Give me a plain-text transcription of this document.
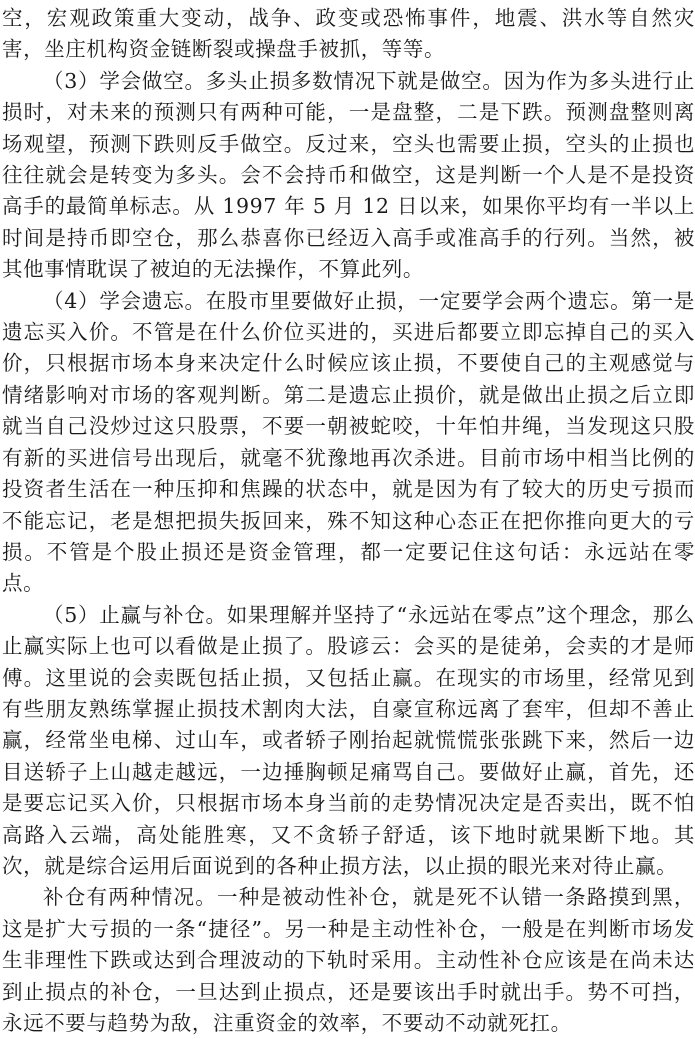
空，宏观政策重大变动，战争、政变或恐怖事件，地震、洪水等自然灾害，坐庄机构资金链断裂或操盘手被抓，等等。

（3）学会做空。多头止损多数情况下就是做空。因为作为多头进行止损时，对未来的预测只有两种可能，一是盘整，二是下跌。预测盘整则离场观望，预测下跌则反手做空。反过来，空头也需要止损，空头的止损也往往就会是转变为多头。会不会持币和做空，这是判断一个人是不是投资高手的最简单标志。从 1997 年 5 月 12 日以来，如果你平均有一半以上时间是持币即空仓，那么恭喜你已经迈入高手或准高手的行列。当然，被其他事情耽误了被迫的无法操作，不算此列。

（4）学会遗忘。在股市里要做好止损，一定要学会两个遗忘。第一是遗忘买入价。不管是在什么价位买进的，买进后都要立即忘掉自己的买入价，只根据市场本身来决定什么时候应该止损，不要使自己的主观感觉与情绪影响对市场的客观判断。第二是遗忘止损价，就是做出止损之后立即就当自己没炒过这只股票，不要一朝被蛇咬，十年怕井绳，当发现这只股有新的买进信号出现后，就毫不犹豫地再次杀进。目前市场中相当比例的投资者生活在一种压抑和焦躁的状态中，就是因为有了较大的历史亏损而不能忘记，老是想把损失扳回来，殊不知这种心态正在把你推向更大的亏损。不管是个股止损还是资金管理，都一定要记住这句话：永远站在零点。

（5）止赢与补仓。如果理解并坚持了“永远站在零点”这个理念，那么止赢实际上也可以看做是止损了。股谚云：会买的是徒弟，会卖的才是师傅。这里说的会卖既包括止损，又包括止赢。在现实的市场里，经常见到有些朋友熟练掌握止损技术割肉大法，自豪宣称远离了套牢，但却不善止赢，经常坐电梯、过山车，或者轿子刚抬起就慌慌张张跳下来，然后一边目送轿子上山越走越远，一边捶胸顿足痛骂自己。要做好止赢，首先，还是要忘记买入价，只根据市场本身当前的走势情况决定是否卖出，既不怕高路入云端，高处能胜寒，又不贪轿子舒适，该下地时就果断下地。其次，就是综合运用后面说到的各种止损方法，以止损的眼光来对待止赢。

补仓有两种情况。一种是被动性补仓，就是死不认错一条路摸到黑，这是扩大亏损的一条“捷径”。另一种是主动性补仓，一般是在判断市场发生非理性下跌或达到合理波动的下轨时采用。主动性补仓应该是在尚未达到止损点的补仓，一旦达到止损点，还是要该出手时就出手。势不可挡，永远不要与趋势为敌，注重资金的效率，不要动不动就死扛。
